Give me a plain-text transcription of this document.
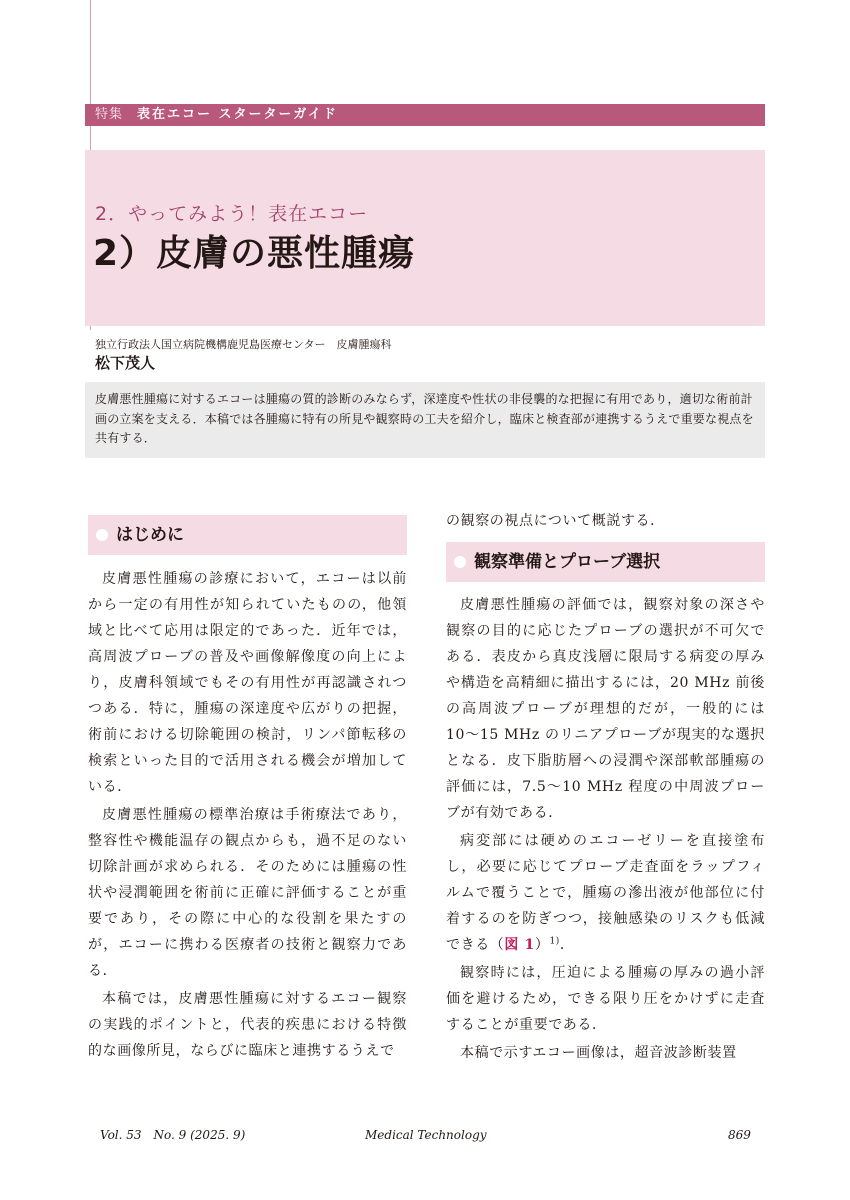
特集 表在エコー スターターガイド
2．やってみよう！表在エコー
2）皮膚の悪性腫瘍
独立行政法人国立病院機構鹿児島医療センター　皮膚腫瘍科
松下茂人

皮膚悪性腫瘍に対するエコーは腫瘍の質的診断のみならず，深達度や性状の非侵襲的な把握に有用であり，適切な術前計画の立案を支える．本稿では各腫瘍に特有の所見や観察時の工夫を紹介し，臨床と検査部が連携するうえで重要な視点を共有する．

はじめに

皮膚悪性腫瘍の診療において，エコーは以前から一定の有用性が知られていたものの，他領域と比べて応用は限定的であった．近年では，高周波プローブの普及や画像解像度の向上により，皮膚科領域でもその有用性が再認識されつつある．特に，腫瘍の深達度や広がりの把握，術前における切除範囲の検討，リンパ節転移の検索といった目的で活用される機会が増加している．

皮膚悪性腫瘍の標準治療は手術療法であり，整容性や機能温存の観点からも，過不足のない切除計画が求められる．そのためには腫瘍の性状や浸潤範囲を術前に正確に評価することが重要であり，その際に中心的な役割を果たすのが，エコーに携わる医療者の技術と観察力である．

本稿では，皮膚悪性腫瘍に対するエコー観察の実践的ポイントと，代表的疾患における特徴的な画像所見，ならびに臨床と連携するうえで

の観察の視点について概説する．

観察準備とプローブ選択

皮膚悪性腫瘍の評価では，観察対象の深さや観察の目的に応じたプローブの選択が不可欠である．表皮から真皮浅層に限局する病変の厚みや構造を高精細に描出するには，20 MHz 前後の高周波プローブが理想的だが，一般的には10〜15 MHz のリニアプローブが現実的な選択となる．皮下脂肪層への浸潤や深部軟部腫瘍の評価には，7.5〜10 MHz 程度の中周波プローブが有効である．

病変部には硬めのエコーゼリーを直接塗布し，必要に応じてプローブ走査面をラップフィルムで覆うことで，腫瘍の滲出液が他部位に付着するのを防ぎつつ，接触感染のリスクも低減できる（図 1）$^{1)}$．

観察時には，圧迫による腫瘍の厚みの過小評価を避けるため，できる限り圧をかけずに走査することが重要である．

本稿で示すエコー画像は，超音波診断装置

Vol. 53　No. 9 (2025. 9)	Medical Technology	869
